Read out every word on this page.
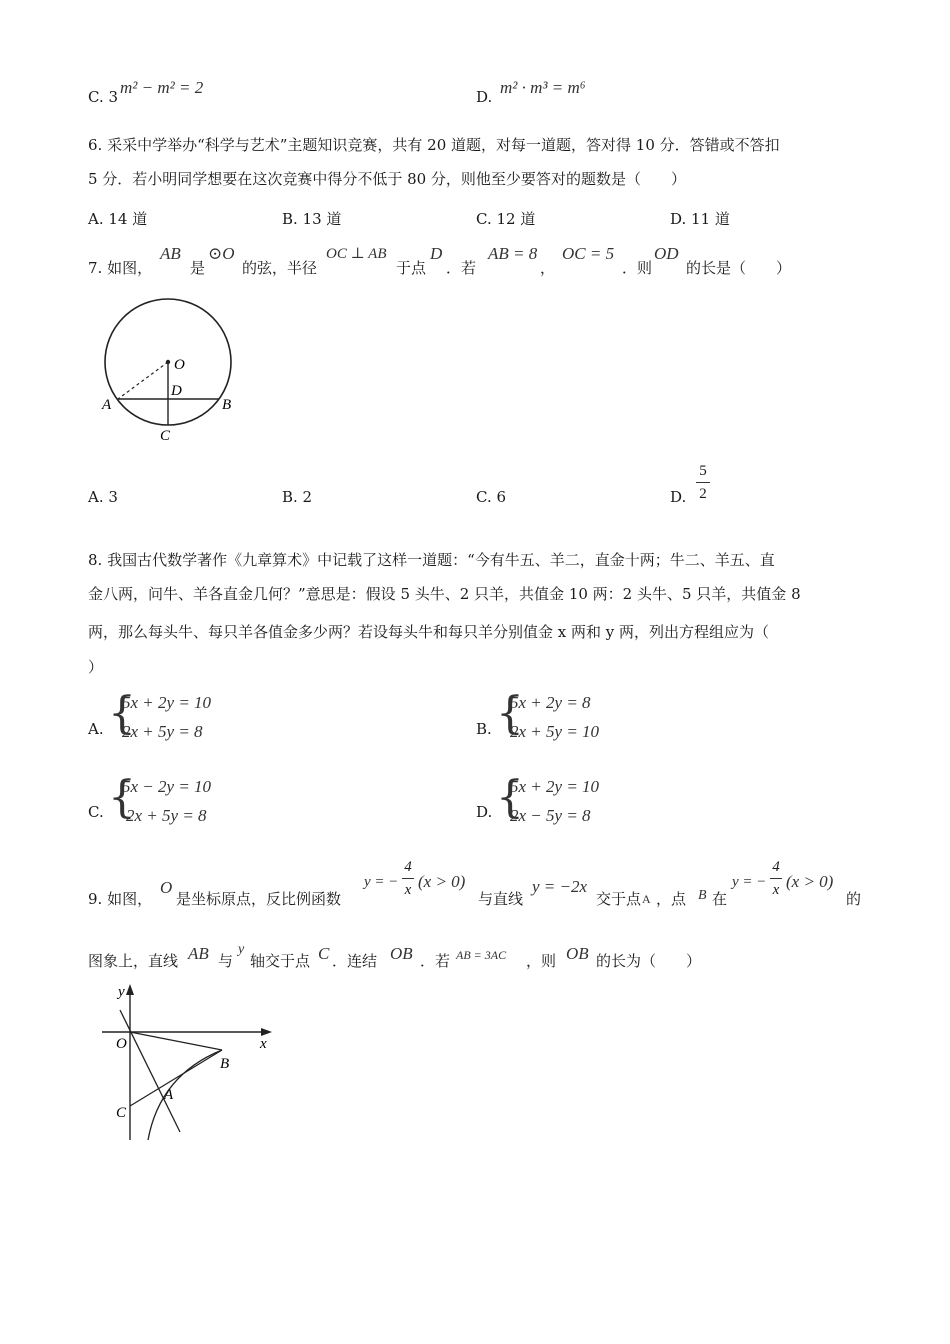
C. 3 m² − m² = 2	D. m² · m³ = m⁶
6. 采采中学举办“科学与艺术”主题知识竞赛，共有 20 道题，对每一道题，答对得 10 分．答错或不答扣
5 分．若小明同学想要在这次竞赛中得分不低于 80 分，则他至少要答对的题数是（　　）
A. 14 道	B. 13 道	C. 12 道	D. 11 道
7. 如图，
AB
是
⊙O
的弦，半径
OC ⊥ AB
于点
D
．若
AB = 8
，
OC = 5
．则
OD
的长是（　　）
O
D
A	B
C
A. 3	B. 2	C. 6	D.
5
2
8. 我国古代数学著作《九章算术》中记载了这样一道题：“今有牛五、羊二，直金十两；牛二、羊五、直
金八两，问牛、羊各直金几何？”意思是：假设 5 头牛、2 只羊，共值金 10 两：2 头牛、5 只羊，共值金 8
两，那么每头牛、每只羊各值金多少两？若设每头牛和每只羊分别值金 x 两和 y 两，列出方程组应为（
）
A. {
5x + 2y = 10
2x + 5y = 8	B. {
5x + 2y = 8
2x + 5y = 10
C. {
5x − 2y = 10
2x + 5y = 8	D. {
5x + 2y = 10
2x − 5y = 8
9. 如图，
O
是坐标原点，反比例函数
y = −
4
x (x > 0)
与直线
y = −2x
交于点 A ，点 B 在
y = −
4
x (x > 0)
的
图象上，直线 AB 与
y
轴交于点 C ．连结 OB ．若 AB = 3AC ，则 OB 的长为（　　）
y
x
O
B
A
C
